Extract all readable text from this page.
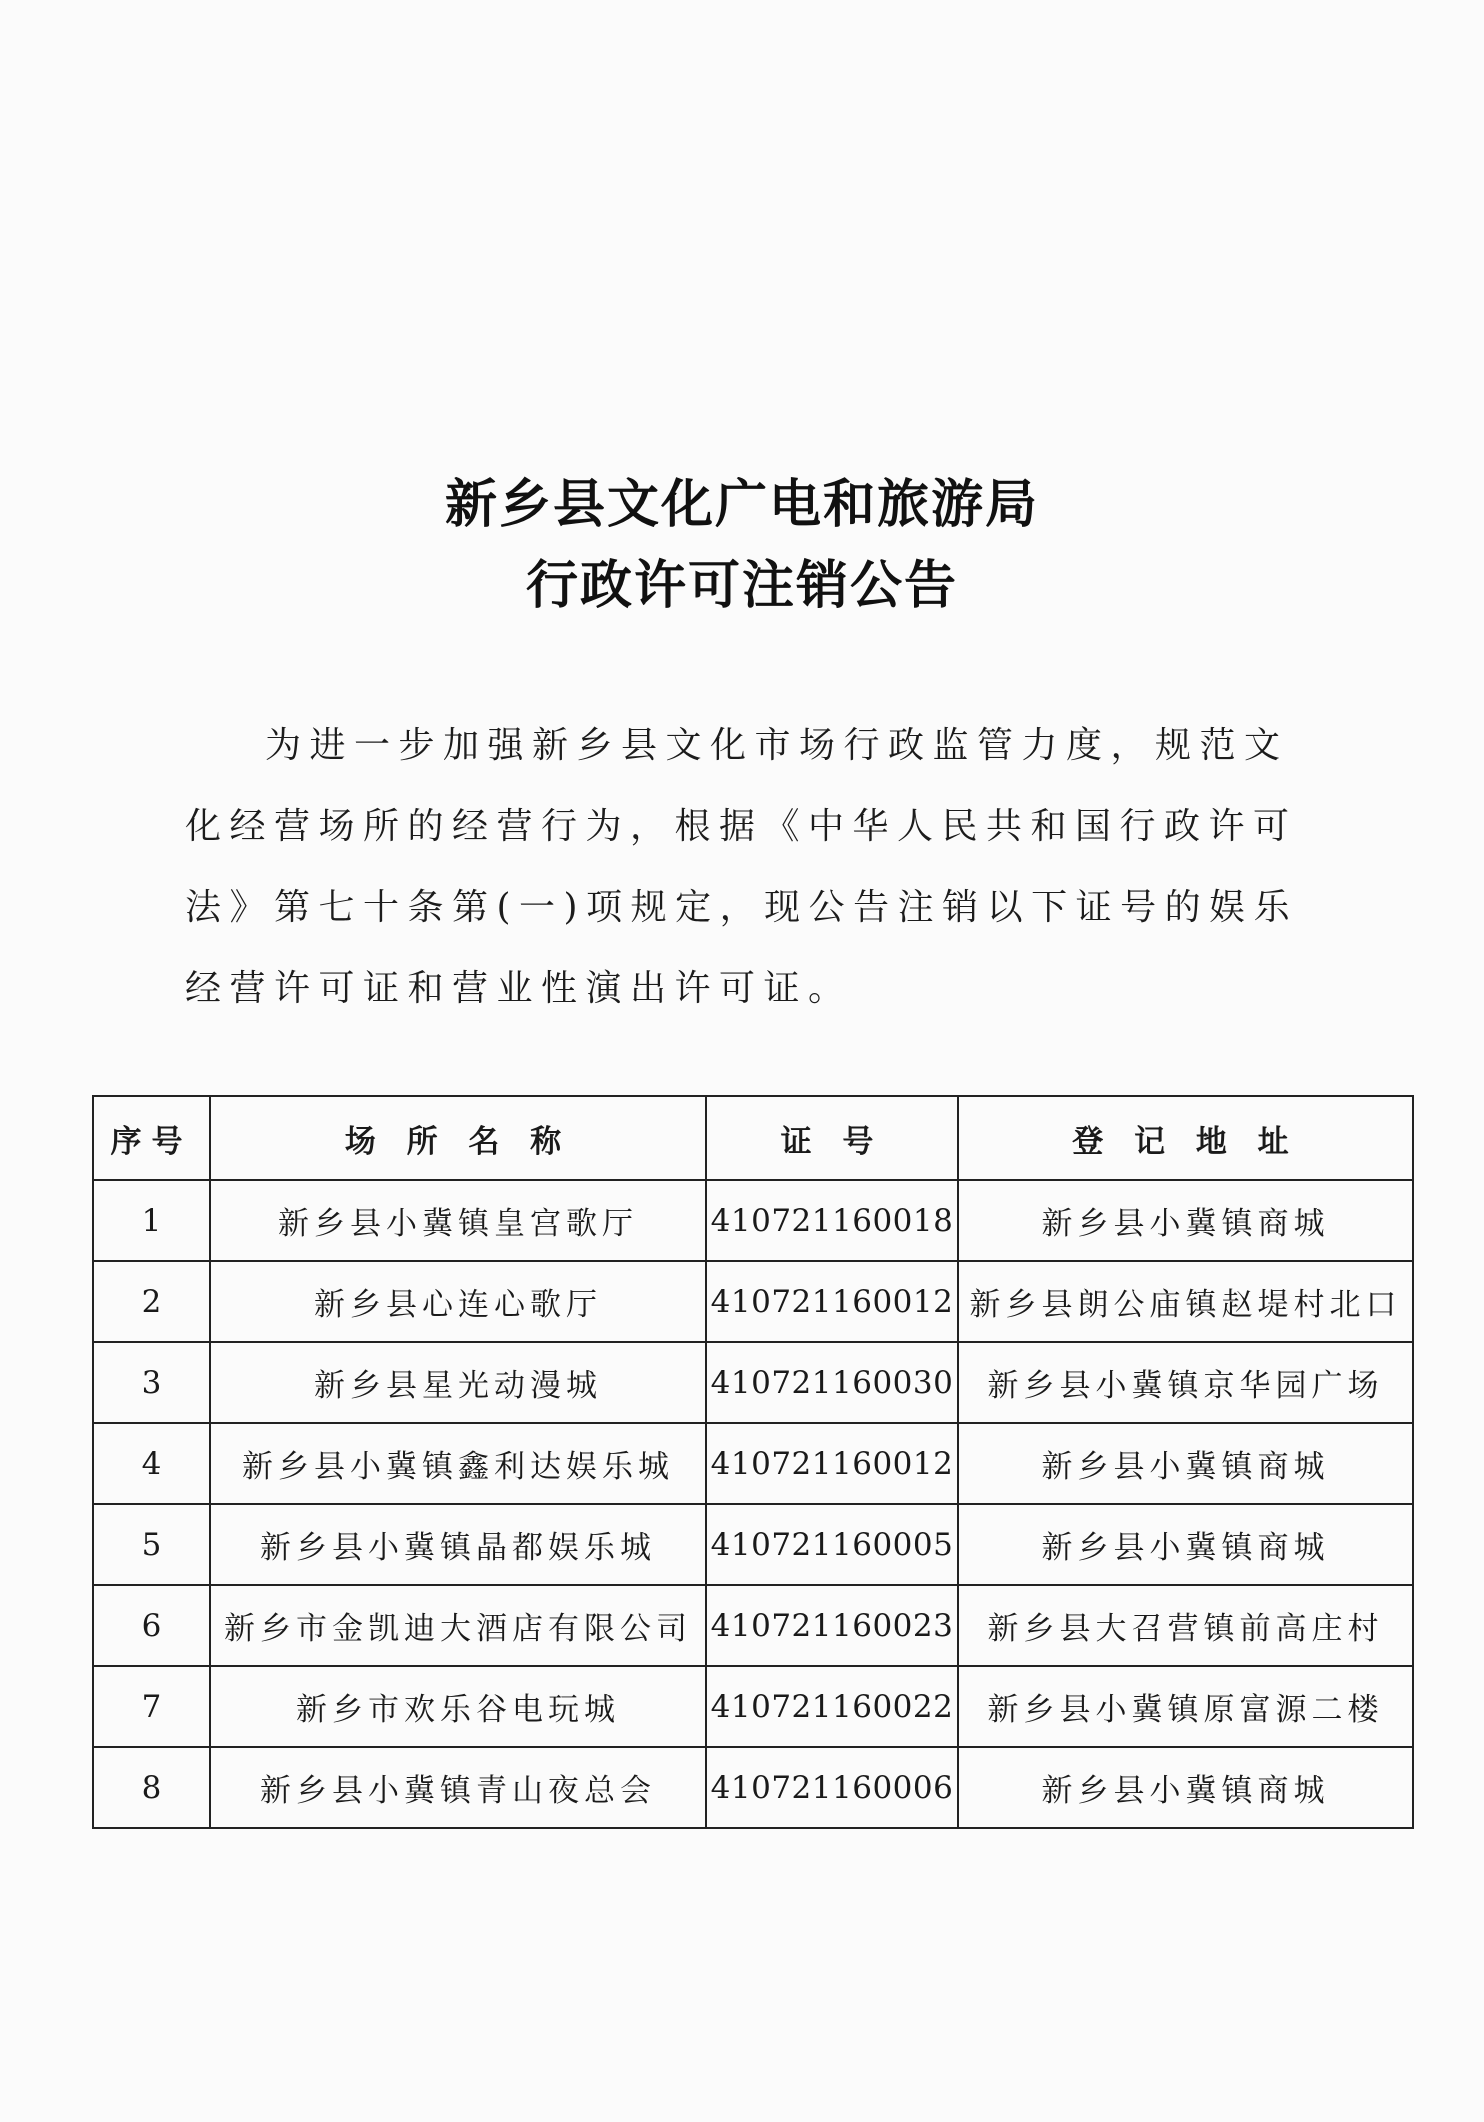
新乡县文化广电和旅游局
行政许可注销公告

为进一步加强新乡县文化市场行政监管力度，规范文化经营场所的经营行为，根据《中华人民共和国行政许可法》第七十条第(一)项规定，现公告注销以下证号的娱乐经营许可证和营业性演出许可证。

序号	场 所 名 称	证 号	登 记 地 址
1	新乡县小冀镇皇宫歌厅	410721160018	新乡县小冀镇商城
2	新乡县心连心歌厅	410721160012	新乡县朗公庙镇赵堤村北口
3	新乡县星光动漫城	410721160030	新乡县小冀镇京华园广场
4	新乡县小冀镇鑫利达娱乐城	410721160012	新乡县小冀镇商城
5	新乡县小冀镇晶都娱乐城	410721160005	新乡县小冀镇商城
6	新乡市金凯迪大酒店有限公司	410721160023	新乡县大召营镇前高庄村
7	新乡市欢乐谷电玩城	410721160022	新乡县小冀镇原富源二楼
8	新乡县小冀镇青山夜总会	410721160006	新乡县小冀镇商城
